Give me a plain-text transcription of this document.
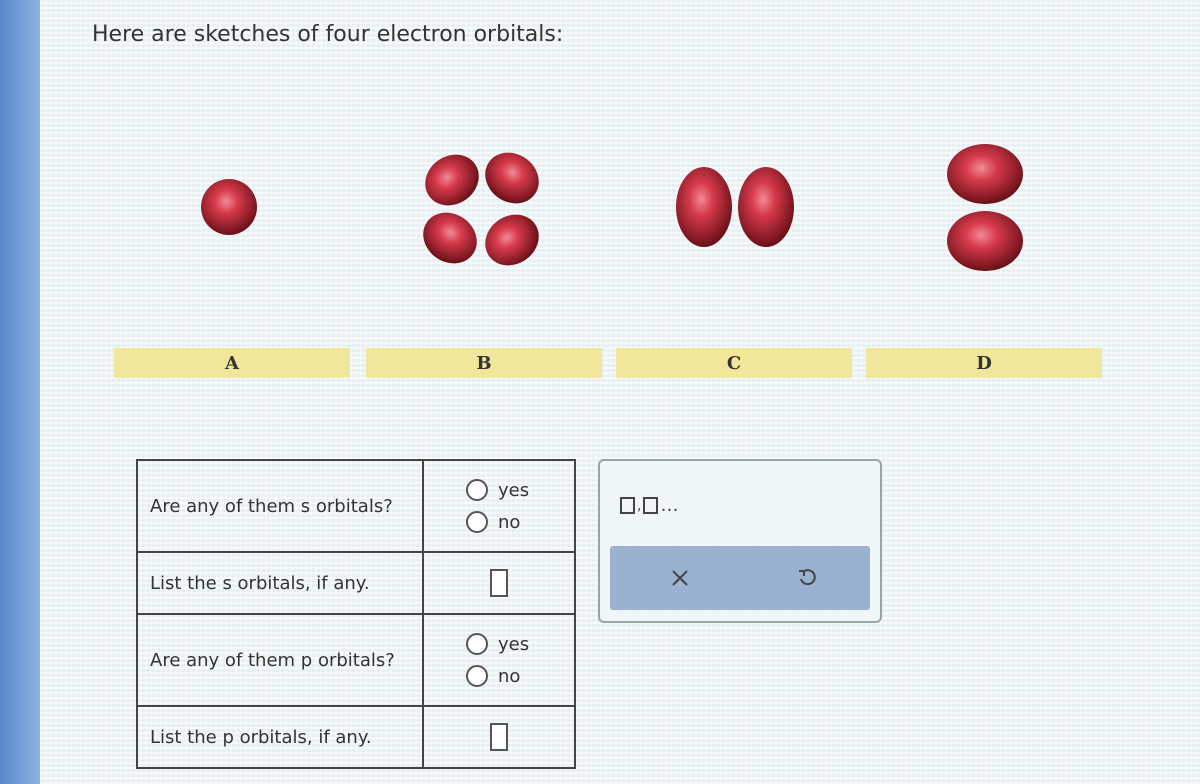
Here are sketches of four electron orbitals:
A	B	C	D
Are any of them s orbitals?	yes
no

List the s orbitals, if any.	

Are any of them p orbitals?	yes
no

List the p orbitals, if any.	
, …
